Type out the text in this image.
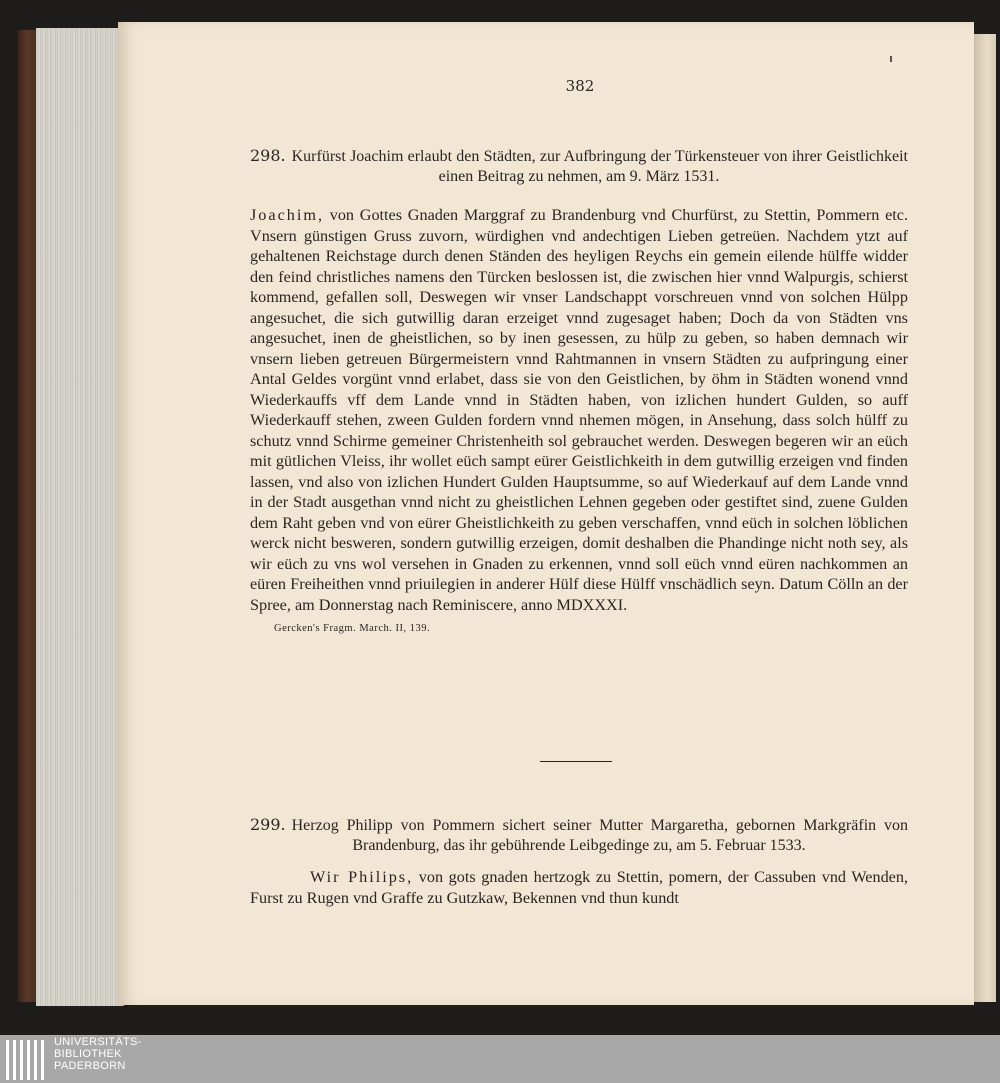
382
298. Kurfürst Joachim erlaubt den Städten, zur Aufbringung der Türkensteuer von ihrer Geistlichkeit einen Beitrag zu nehmen, am 9. März 1531.
Joachim, von Gottes Gnaden Marggraf zu Brandenburg vnd Churfürst, zu Stettin, Pommern etc. Vnsern günstigen Gruss zuvorn, würdighen vnd andechtigen Lieben getreüen. Nachdem ytzt auf gehaltenen Reichstage durch denen Ständen des heyligen Reychs ein gemein eilende hülffe widder den feind christliches namens den Türcken beslossen ist, die zwischen hier vnnd Walpurgis, schierst kommend, gefallen soll, Deswegen wir vnser Landschappt vorschreuen vnnd von solchen Hülpp angesuchet, die sich gutwillig daran erzeiget vnnd zugesaget haben; Doch da von Städten vns angesuchet, inen de gheistlichen, so by inen gesessen, zu hülp zu geben, so haben demnach wir vnsern lieben getreuen Bürgermeistern vnnd Rahtmannen in vnsern Städten zu aufpringung einer Antal Geldes vorgünt vnnd erlabet, dass sie von den Geistlichen, by öhm in Städten wonend vnnd Wiederkauffs vff dem Lande vnnd in Städten haben, von izlichen hundert Gulden, so auff Wiederkauff stehen, zween Gulden fordern vnnd nhemen mögen, in Ansehung, dass solch hülff zu schutz vnnd Schirme gemeiner Christenheith sol gebrauchet werden. Deswegen begeren wir an eüch mit gütlichen Vleiss, ihr wollet eüch sampt eürer Geistlichkeith in dem gutwillig erzeigen vnd finden lassen, vnd also von izlichen Hundert Gulden Hauptsumme, so auf Wiederkauf auf dem Lande vnnd in der Stadt ausgethan vnnd nicht zu gheistlichen Lehnen gegeben oder gestiftet sind, zuene Gulden dem Raht geben vnd von eürer Gheistlichkeith zu geben verschaffen, vnnd eüch in solchen löblichen werck nicht besweren, sondern gutwillig erzeigen, domit deshalben die Phandinge nicht noth sey, als wir eüch zu vns wol versehen in Gnaden zu erkennen, vnnd soll eüch vnnd eüren nachkommen an eüren Freiheithen vnnd priuilegien in anderer Hülf diese Hülff vnschädlich seyn. Datum Cölln an der Spree, am Donnerstag nach Reminiscere, anno MDXXXI.
Gercken's Fragm. March. II, 139.
299. Herzog Philipp von Pommern sichert seiner Mutter Margaretha, gebornen Markgräfin von Brandenburg, das ihr gebührende Leibgedinge zu, am 5. Februar 1533.
Wir Philips, von gots gnaden hertzogk zu Stettin, pomern, der Cassuben vnd Wenden, Furst zu Rugen vnd Graffe zu Gutzkaw, Bekennen vnd thun kundt
UNIVERSITÄTS-
BIBLIOTHEK
PADERBORN
